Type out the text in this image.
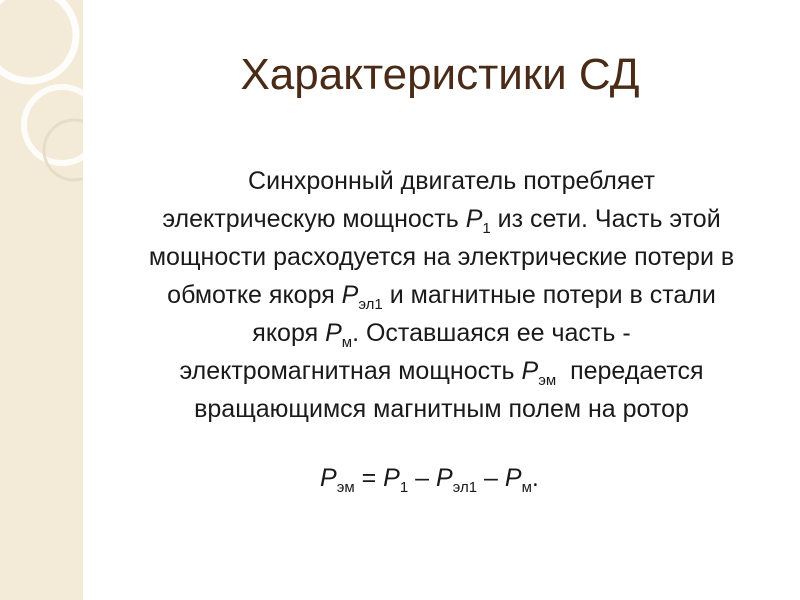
Характеристики СД
Синхронный двигатель потребляет
электрическую мощность $P_1$ из сети. Часть этой
мощности расходуется на электрические потери в
обмотке якоря $P_{эл1}$ и магнитные потери в стали
якоря $P_м$. Оставшаяся ее часть -
электромагнитная мощность $P_{эм}$  передается
вращающимся магнитным полем на ротор
$P_{эм} = P_1 - P_{эл1} - P_м$.
